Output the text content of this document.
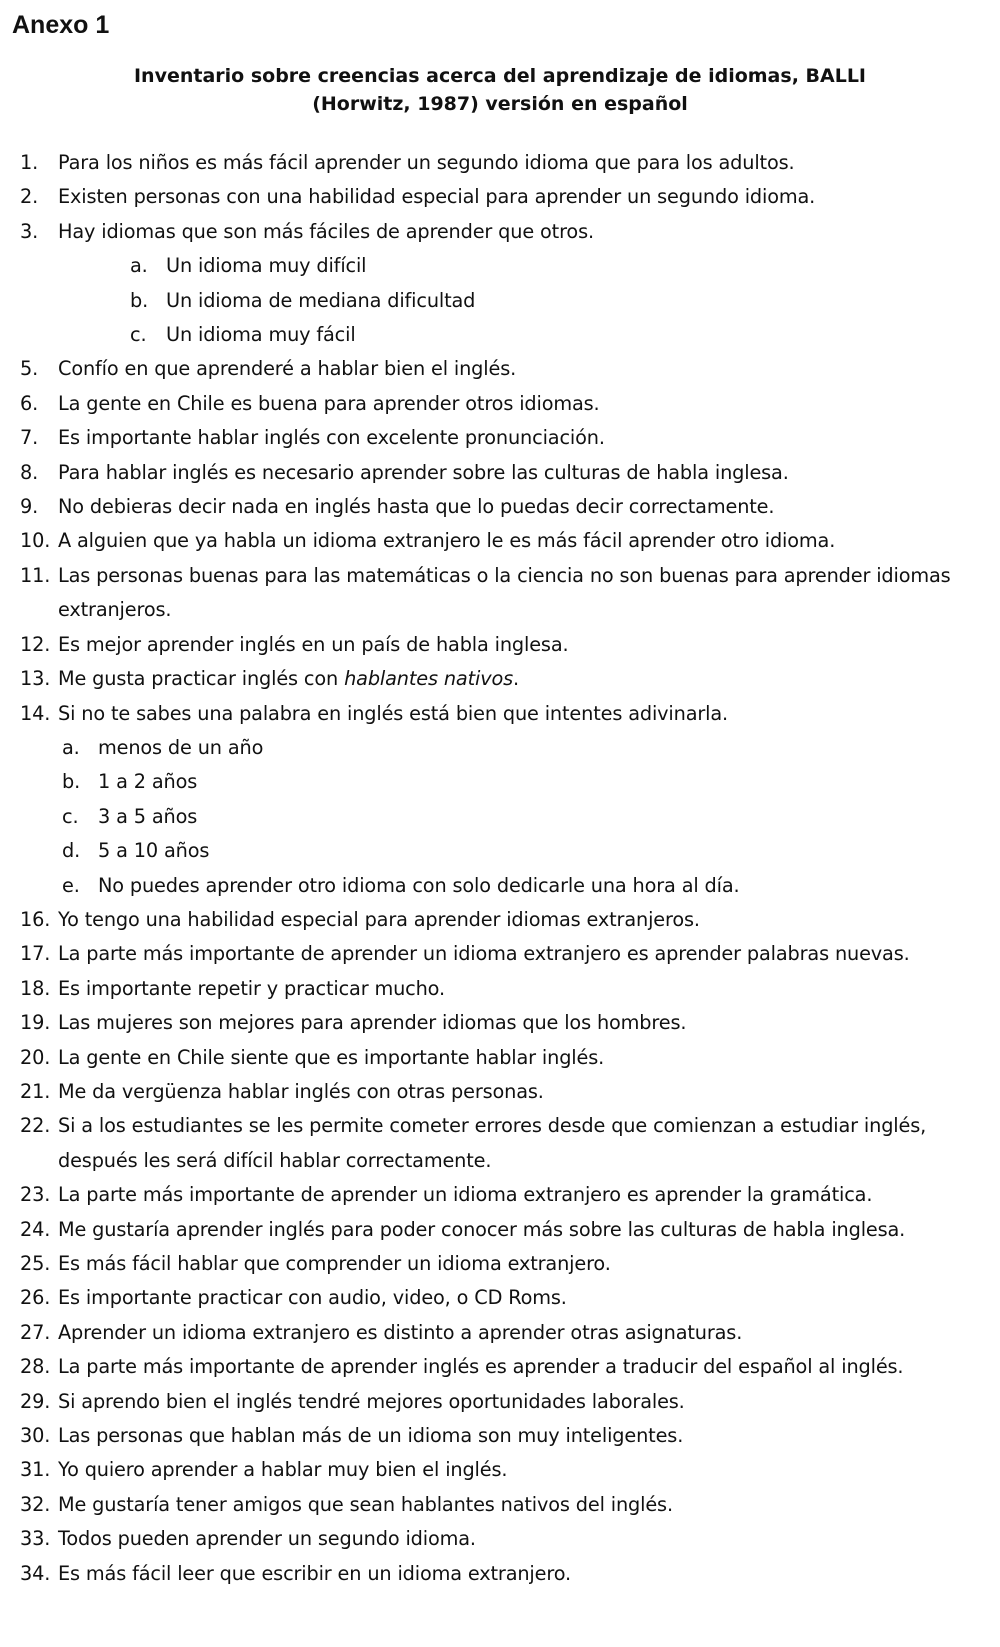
Anexo 1
Inventario sobre creencias acerca del aprendizaje de idiomas, BALLI
(Horwitz, 1987) versión en español
1.	Para los niños es más fácil aprender un segundo idioma que para los adultos.
2.	Existen personas con una habilidad especial para aprender un segundo idioma.
3.	Hay idiomas que son más fáciles de aprender que otros.
a. Un idioma muy difícil
b. Un idioma de mediana dificultad
c.	Un idioma muy fácil
5.	Confío en que aprenderé a hablar bien el inglés.
6.	La gente en Chile es buena para aprender otros idiomas.
7.	Es importante hablar inglés con excelente pronunciación.
8.	Para hablar inglés es necesario aprender sobre las culturas de habla inglesa.
9.	No debieras decir nada en inglés hasta que lo puedas decir correctamente.
10. A alguien que ya habla un idioma extranjero le es más fácil aprender otro idioma.
11. Las personas buenas para las matemáticas o la ciencia no son buenas para aprender idiomas extranjeros.
12. Es mejor aprender inglés en un país de habla inglesa.
13. Me gusta practicar inglés con hablantes nativos.
14. Si no te sabes una palabra en inglés está bien que intentes adivinarla.
a. menos de un año
b. 1 a 2 años
c.	3 a 5 años
d. 5 a 10 años
e. No puedes aprender otro idioma con solo dedicarle una hora al día.
16. Yo tengo una habilidad especial para aprender idiomas extranjeros.
17. La parte más importante de aprender un idioma extranjero es aprender palabras nuevas.
18. Es importante repetir y practicar mucho.
19. Las mujeres son mejores para aprender idiomas que los hombres.
20. La gente en Chile siente que es importante hablar inglés.
21. Me da vergüenza hablar inglés con otras personas.
22. Si a los estudiantes se les permite cometer errores desde que comienzan a estudiar inglés, después les será difícil hablar correctamente.
23. La parte más importante de aprender un idioma extranjero es aprender la gramática.
24. Me gustaría aprender inglés para poder conocer más sobre las culturas de habla inglesa.
25. Es más fácil hablar que comprender un idioma extranjero.
26. Es importante practicar con audio, video, o CD Roms.
27. Aprender un idioma extranjero es distinto a aprender otras asignaturas.
28. La parte más importante de aprender inglés es aprender a traducir del español al inglés.
29. Si aprendo bien el inglés tendré mejores oportunidades laborales.
30. Las personas que hablan más de un idioma son muy inteligentes.
31. Yo quiero aprender a hablar muy bien el inglés.
32. Me gustaría tener amigos que sean hablantes nativos del inglés.
33. Todos pueden aprender un segundo idioma.
34. Es más fácil leer que escribir en un idioma extranjero.
